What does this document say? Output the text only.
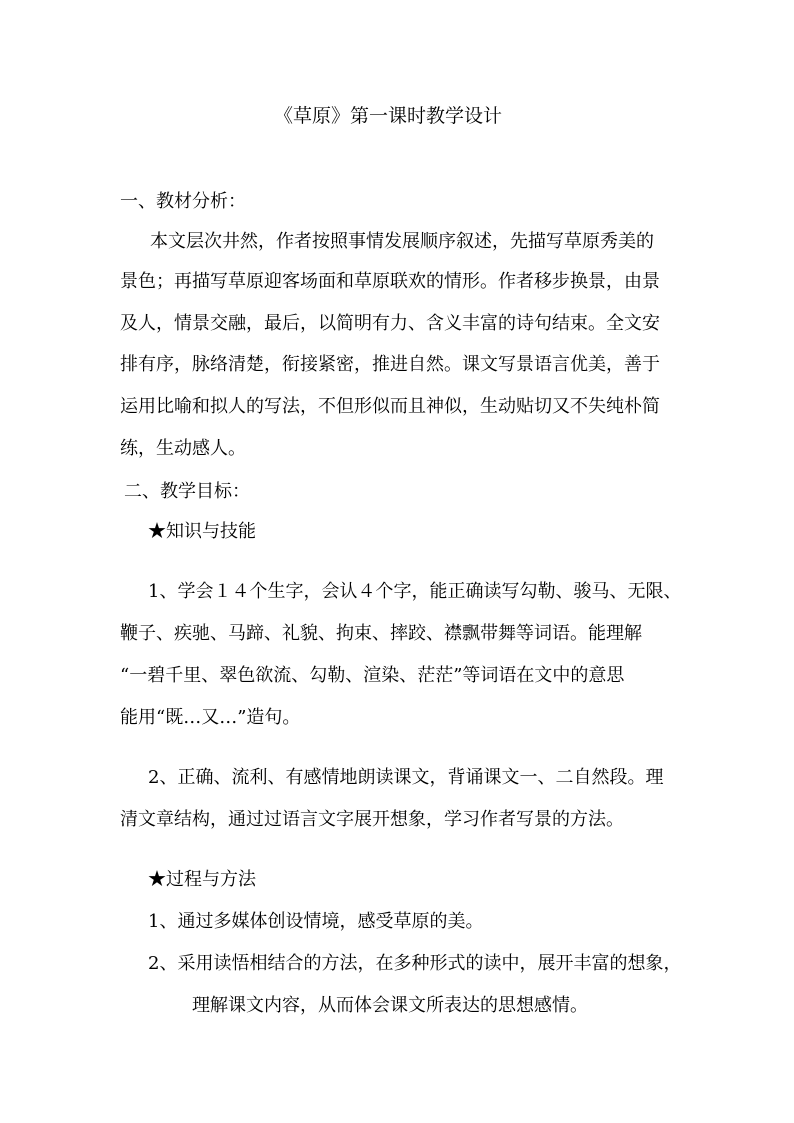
《草原》第一课时教学设计
一、教材分析：
本文层次井然，作者按照事情发展顺序叙述，先描写草原秀美的
景色；再描写草原迎客场面和草原联欢的情形。作者移步换景，由景
及人，情景交融，最后，以简明有力、含义丰富的诗句结束。全文安
排有序，脉络清楚，衔接紧密，推进自然。课文写景语言优美，善于
运用比喻和拟人的写法，不但形似而且神似，生动贴切又不失纯朴简
练，生动感人。
二、教学目标：
★知识与技能
1、学会１４个生字，会认４个字，能正确读写勾勒、骏马、无限、
鞭子、疾驰、马蹄、礼貌、拘束、摔跤、襟飘带舞等词语。能理解
“一碧千里、翠色欲流、勾勒、渲染、茫茫”等词语在文中的意思
能用“既…又…”造句。
2、正确、流利、有感情地朗读课文，背诵课文一、二自然段。理
清文章结构，通过过语言文字展开想象，学习作者写景的方法。
★过程与方法
1、通过多媒体创设情境，感受草原的美。
2、采用读悟相结合的方法，在多种形式的读中，展开丰富的想象，
理解课文内容，从而体会课文所表达的思想感情。
